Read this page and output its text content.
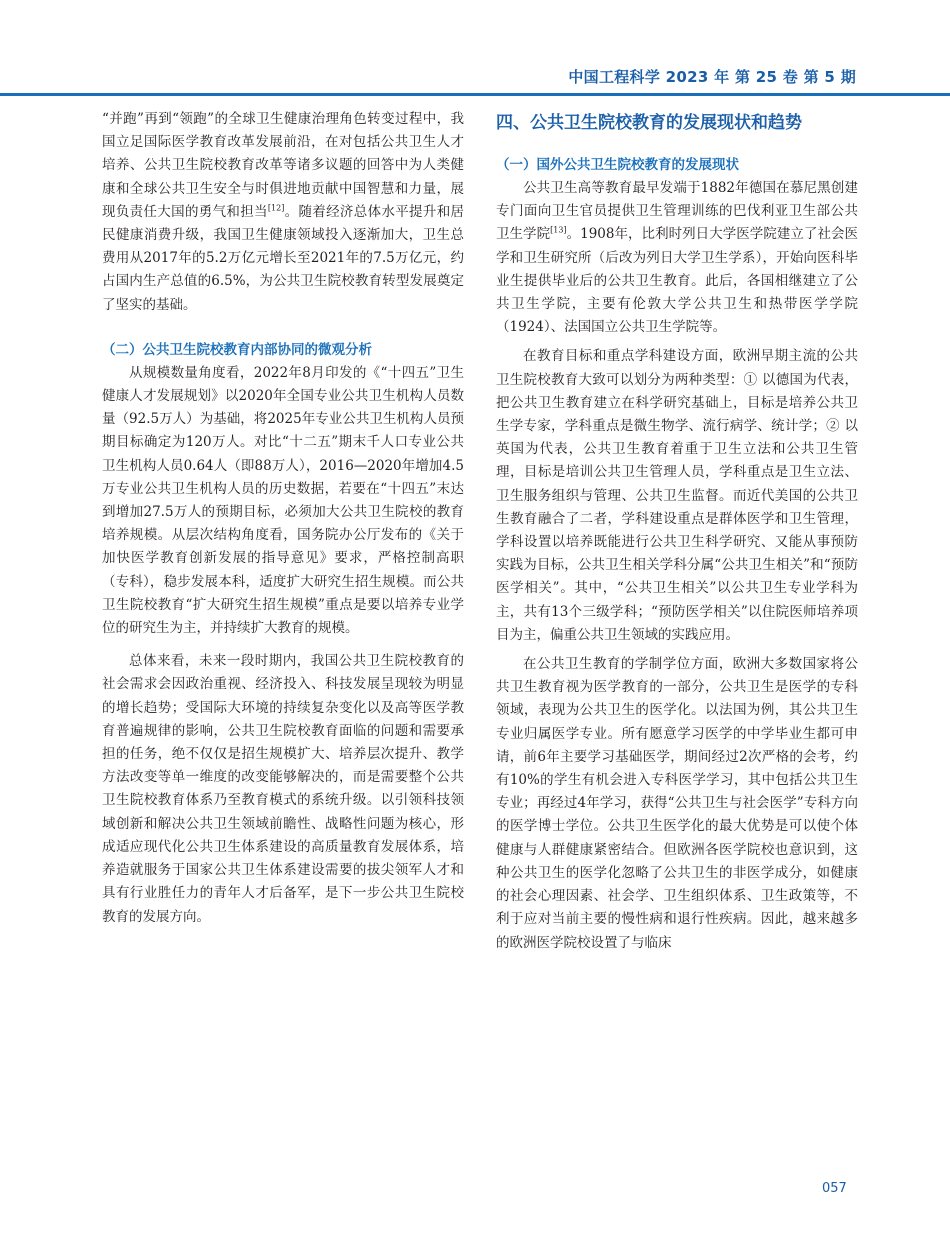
中国工程科学 2023 年 第 25 卷 第 5 期

“并跑”再到“领跑”的全球卫生健康治理角色转变过程中，我国立足国际医学教育改革发展前沿，在对包括公共卫生人才培养、公共卫生院校教育改革等诸多议题的回答中为人类健康和全球公共卫生安全与时俱进地贡献中国智慧和力量，展现负责任大国的勇气和担当[12]。随着经济总体水平提升和居民健康消费升级，我国卫生健康领域投入逐渐加大，卫生总费用从2017年的5.2万亿元增长至2021年的7.5万亿元，约占国内生产总值的6.5%，为公共卫生院校教育转型发展奠定了坚实的基础。

（二）公共卫生院校教育内部协同的微观分析

从规模数量角度看，2022年8月印发的《“十四五”卫生健康人才发展规划》以2020年全国专业公共卫生机构人员数量（92.5万人）为基础，将2025年专业公共卫生机构人员预期目标确定为120万人。对比“十二五”期末千人口专业公共卫生机构人员0.64人（即88万人），2016—2020年增加4.5万专业公共卫生机构人员的历史数据，若要在“十四五”末达到增加27.5万人的预期目标，必须加大公共卫生院校的教育培养规模。从层次结构角度看，国务院办公厅发布的《关于加快医学教育创新发展的指导意见》要求，严格控制高职（专科），稳步发展本科，适度扩大研究生招生规模。而公共卫生院校教育“扩大研究生招生规模”重点是要以培养专业学位的研究生为主，并持续扩大教育的规模。

总体来看，未来一段时期内，我国公共卫生院校教育的社会需求会因政治重视、经济投入、科技发展呈现较为明显的增长趋势；受国际大环境的持续复杂变化以及高等医学教育普遍规律的影响，公共卫生院校教育面临的问题和需要承担的任务，绝不仅仅是招生规模扩大、培养层次提升、教学方法改变等单一维度的改变能够解决的，而是需要整个公共卫生院校教育体系乃至教育模式的系统升级。以引领科技领域创新和解决公共卫生领域前瞻性、战略性问题为核心，形成适应现代化公共卫生体系建设的高质量教育发展体系，培养造就服务于国家公共卫生体系建设需要的拔尖领军人才和具有行业胜任力的青年人才后备军，是下一步公共卫生院校教育的发展方向。

四、公共卫生院校教育的发展现状和趋势
（一）国外公共卫生院校教育的发展现状

公共卫生高等教育最早发端于1882年德国在慕尼黑创建专门面向卫生官员提供卫生管理训练的巴伐利亚卫生部公共卫生学院[13]。1908年，比利时列日大学医学院建立了社会医学和卫生研究所（后改为列日大学卫生学系），开始向医科毕业生提供毕业后的公共卫生教育。此后，各国相继建立了公共卫生学院，主要有伦敦大学公共卫生和热带医学学院（1924）、法国国立公共卫生学院等。

在教育目标和重点学科建设方面，欧洲早期主流的公共卫生院校教育大致可以划分为两种类型：① 以德国为代表，把公共卫生教育建立在科学研究基础上，目标是培养公共卫生学专家，学科重点是微生物学、流行病学、统计学；② 以英国为代表，公共卫生教育着重于卫生立法和公共卫生管理，目标是培训公共卫生管理人员，学科重点是卫生立法、卫生服务组织与管理、公共卫生监督。而近代美国的公共卫生教育融合了二者，学科建设重点是群体医学和卫生管理，学科设置以培养既能进行公共卫生科学研究、又能从事预防实践为目标，公共卫生相关学科分属“公共卫生相关”和“预防医学相关”。其中，“公共卫生相关”以公共卫生专业学科为主，共有13个三级学科；“预防医学相关”以住院医师培养项目为主，偏重公共卫生领域的实践应用。

在公共卫生教育的学制学位方面，欧洲大多数国家将公共卫生教育视为医学教育的一部分，公共卫生是医学的专科领域，表现为公共卫生的医学化。以法国为例，其公共卫生专业归属医学专业。所有愿意学习医学的中学毕业生都可申请，前6年主要学习基础医学，期间经过2次严格的会考，约有10%的学生有机会进入专科医学学习，其中包括公共卫生专业；再经过4年学习，获得“公共卫生与社会医学”专科方向的医学博士学位。公共卫生医学化的最大优势是可以使个体健康与人群健康紧密结合。但欧洲各医学院校也意识到，这种公共卫生的医学化忽略了公共卫生的非医学成分，如健康的社会心理因素、社会学、卫生组织体系、卫生政策等，不利于应对当前主要的慢性病和退行性疾病。因此，越来越多的欧洲医学院校设置了与临床

057
